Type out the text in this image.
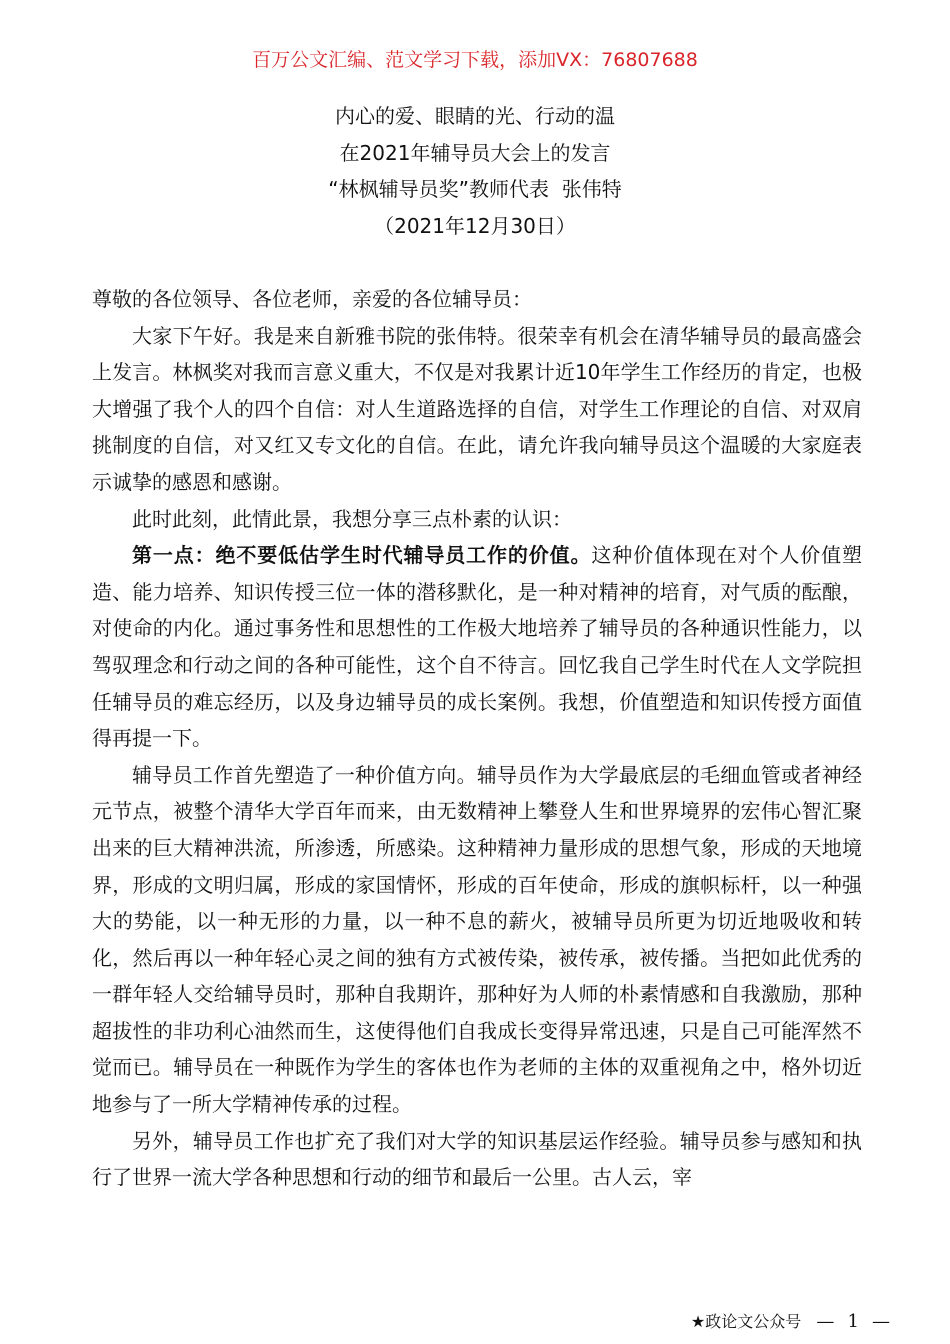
百万公文汇编、范文学习下载，添加VX：76807688
内心的爱、眼睛的光、行动的温
在2021年辅导员大会上的发言
“林枫辅导员奖”教师代表  张伟特
（2021年12月30日）

尊敬的各位领导、各位老师，亲爱的各位辅导员：

大家下午好。我是来自新雅书院的张伟特。很荣幸有机会在清华辅导员的最高盛会上发言。林枫奖对我而言意义重大，不仅是对我累计近10年学生工作经历的肯定，也极大增强了我个人的四个自信：对人生道路选择的自信，对学生工作理论的自信、对双肩挑制度的自信，对又红又专文化的自信。在此，请允许我向辅导员这个温暖的大家庭表示诚挚的感恩和感谢。

此时此刻，此情此景，我想分享三点朴素的认识：

第一点：绝不要低估学生时代辅导员工作的价值。这种价值体现在对个人价值塑造、能力培养、知识传授三位一体的潜移默化，是一种对精神的培育，对气质的酝酿，对使命的内化。通过事务性和思想性的工作极大地培养了辅导员的各种通识性能力，以驾驭理念和行动之间的各种可能性，这个自不待言。回忆我自己学生时代在人文学院担任辅导员的难忘经历，以及身边辅导员的成长案例。我想，价值塑造和知识传授方面值得再提一下。

辅导员工作首先塑造了一种价值方向。辅导员作为大学最底层的毛细血管或者神经元节点，被整个清华大学百年而来，由无数精神上攀登人生和世界境界的宏伟心智汇聚出来的巨大精神洪流，所渗透，所感染。这种精神力量形成的思想气象，形成的天地境界，形成的文明归属，形成的家国情怀，形成的百年使命，形成的旗帜标杆，以一种强大的势能，以一种无形的力量，以一种不息的薪火，被辅导员所更为切近地吸收和转化，然后再以一种年轻心灵之间的独有方式被传染，被传承，被传播。当把如此优秀的一群年轻人交给辅导员时，那种自我期许，那种好为人师的朴素情感和自我激励，那种超拔性的非功利心油然而生，这使得他们自我成长变得异常迅速，只是自己可能浑然不觉而已。辅导员在一种既作为学生的客体也作为老师的主体的双重视角之中，格外切近地参与了一所大学精神传承的过程。

另外，辅导员工作也扩充了我们对大学的知识基层运作经验。辅导员参与感知和执行了世界一流大学各种思想和行动的细节和最后一公里。古人云，宰

★政论文公众号 — 1 —
